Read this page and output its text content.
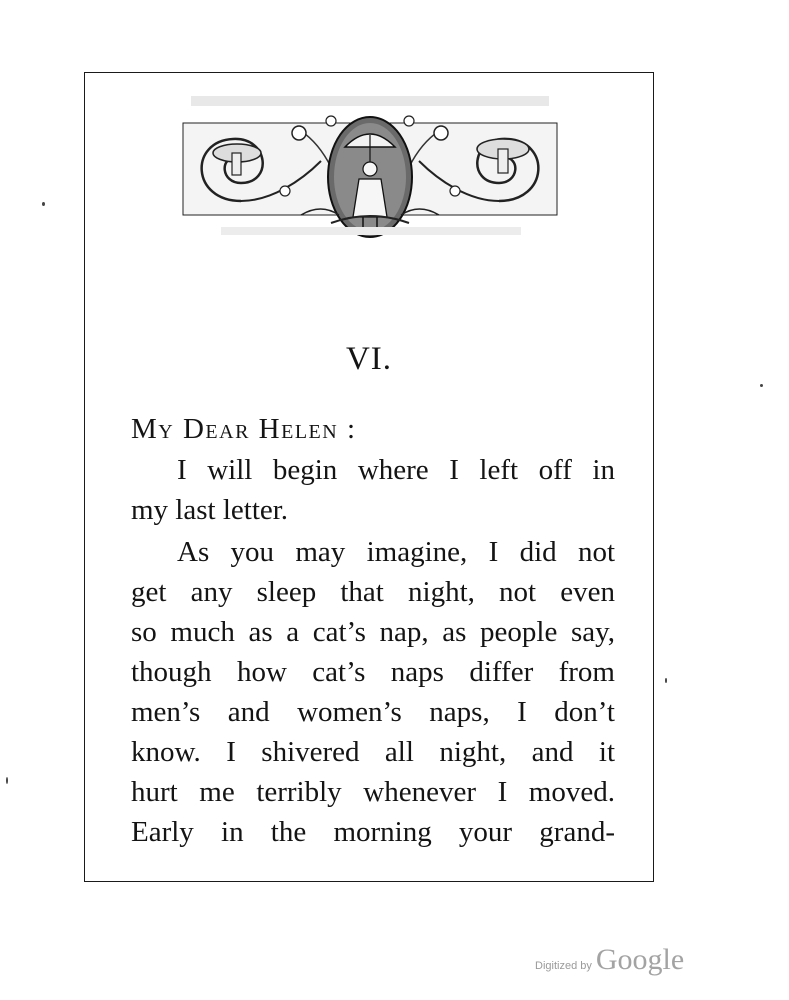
VI.
My Dear Helen :
I will begin where I left off in
my last letter.
As you may imagine, I did not
get any sleep that night, not even
so much as a cat’s nap, as people say,
though how cat’s naps differ from
men’s and women’s naps, I don’t
know. I shivered all night, and it
hurt me terribly whenever I moved.
Early in the morning your grand-
Digitized by Google
